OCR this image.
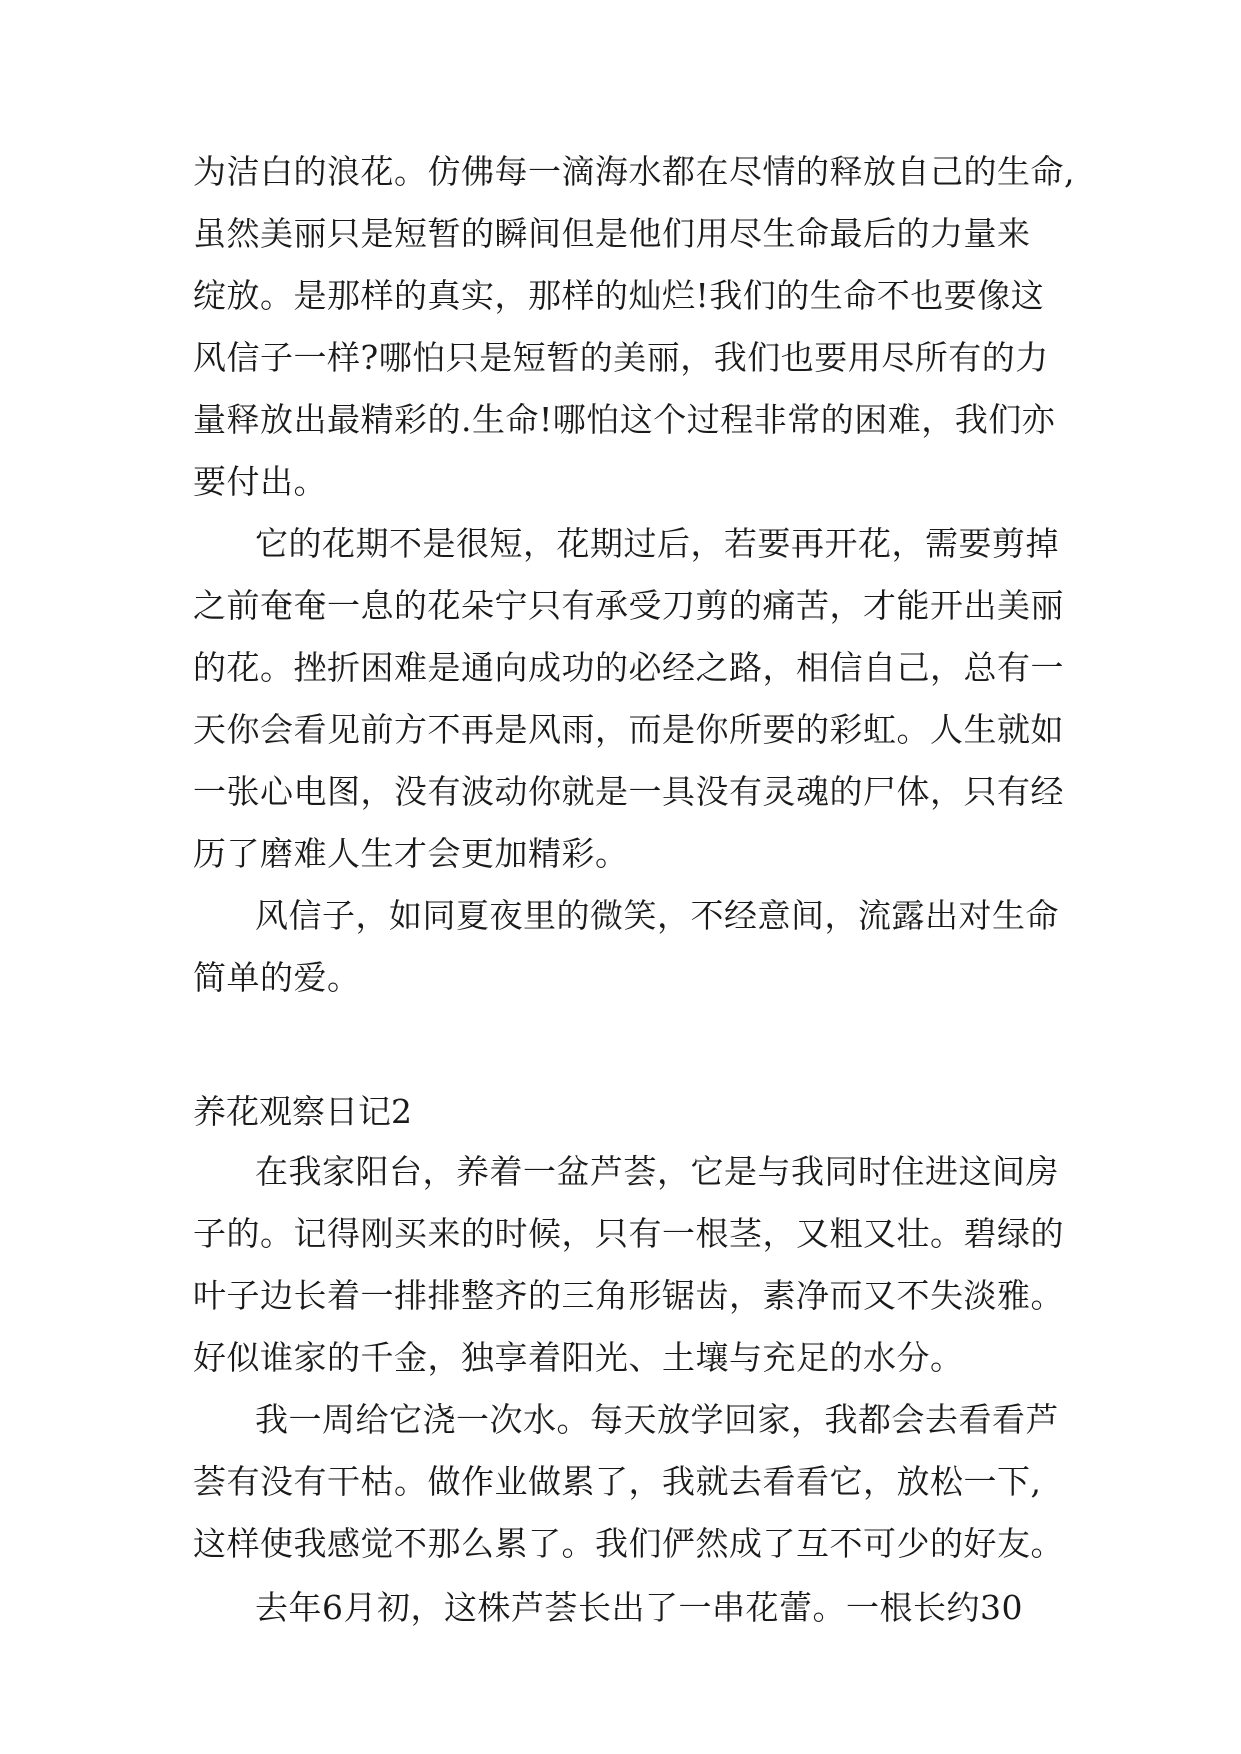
为洁白的浪花。仿佛每一滴海水都在尽情的释放自己的生命,

虽然美丽只是短暂的瞬间但是他们用尽生命最后的力量来

绽放。是那样的真实，那样的灿烂!我们的生命不也要像这

风信子一样?哪怕只是短暂的美丽，我们也要用尽所有的力

量释放出最精彩的.生命!哪怕这个过程非常的困难，我们亦

要付出。

它的花期不是很短，花期过后，若要再开花，需要剪掉

之前奄奄一息的花朵宁只有承受刀剪的痛苦，才能开出美丽

的花。挫折困难是通向成功的必经之路，相信自己，总有一

天你会看见前方不再是风雨，而是你所要的彩虹。人生就如

一张心电图，没有波动你就是一具没有灵魂的尸体，只有经

历了磨难人生才会更加精彩。

风信子，如同夏夜里的微笑，不经意间，流露出对生命

简单的爱。

养花观察日记2

在我家阳台，养着一盆芦荟，它是与我同时住进这间房

子的。记得刚买来的时候，只有一根茎，又粗又壮。碧绿的

叶子边长着一排排整齐的三角形锯齿，素净而又不失淡雅。

好似谁家的千金，独享着阳光、土壤与充足的水分。

我一周给它浇一次水。每天放学回家，我都会去看看芦

荟有没有干枯。做作业做累了，我就去看看它，放松一下,

这样使我感觉不那么累了。我们俨然成了互不可少的好友。

去年6月初，这株芦荟长出了一串花蕾。一根长约30
